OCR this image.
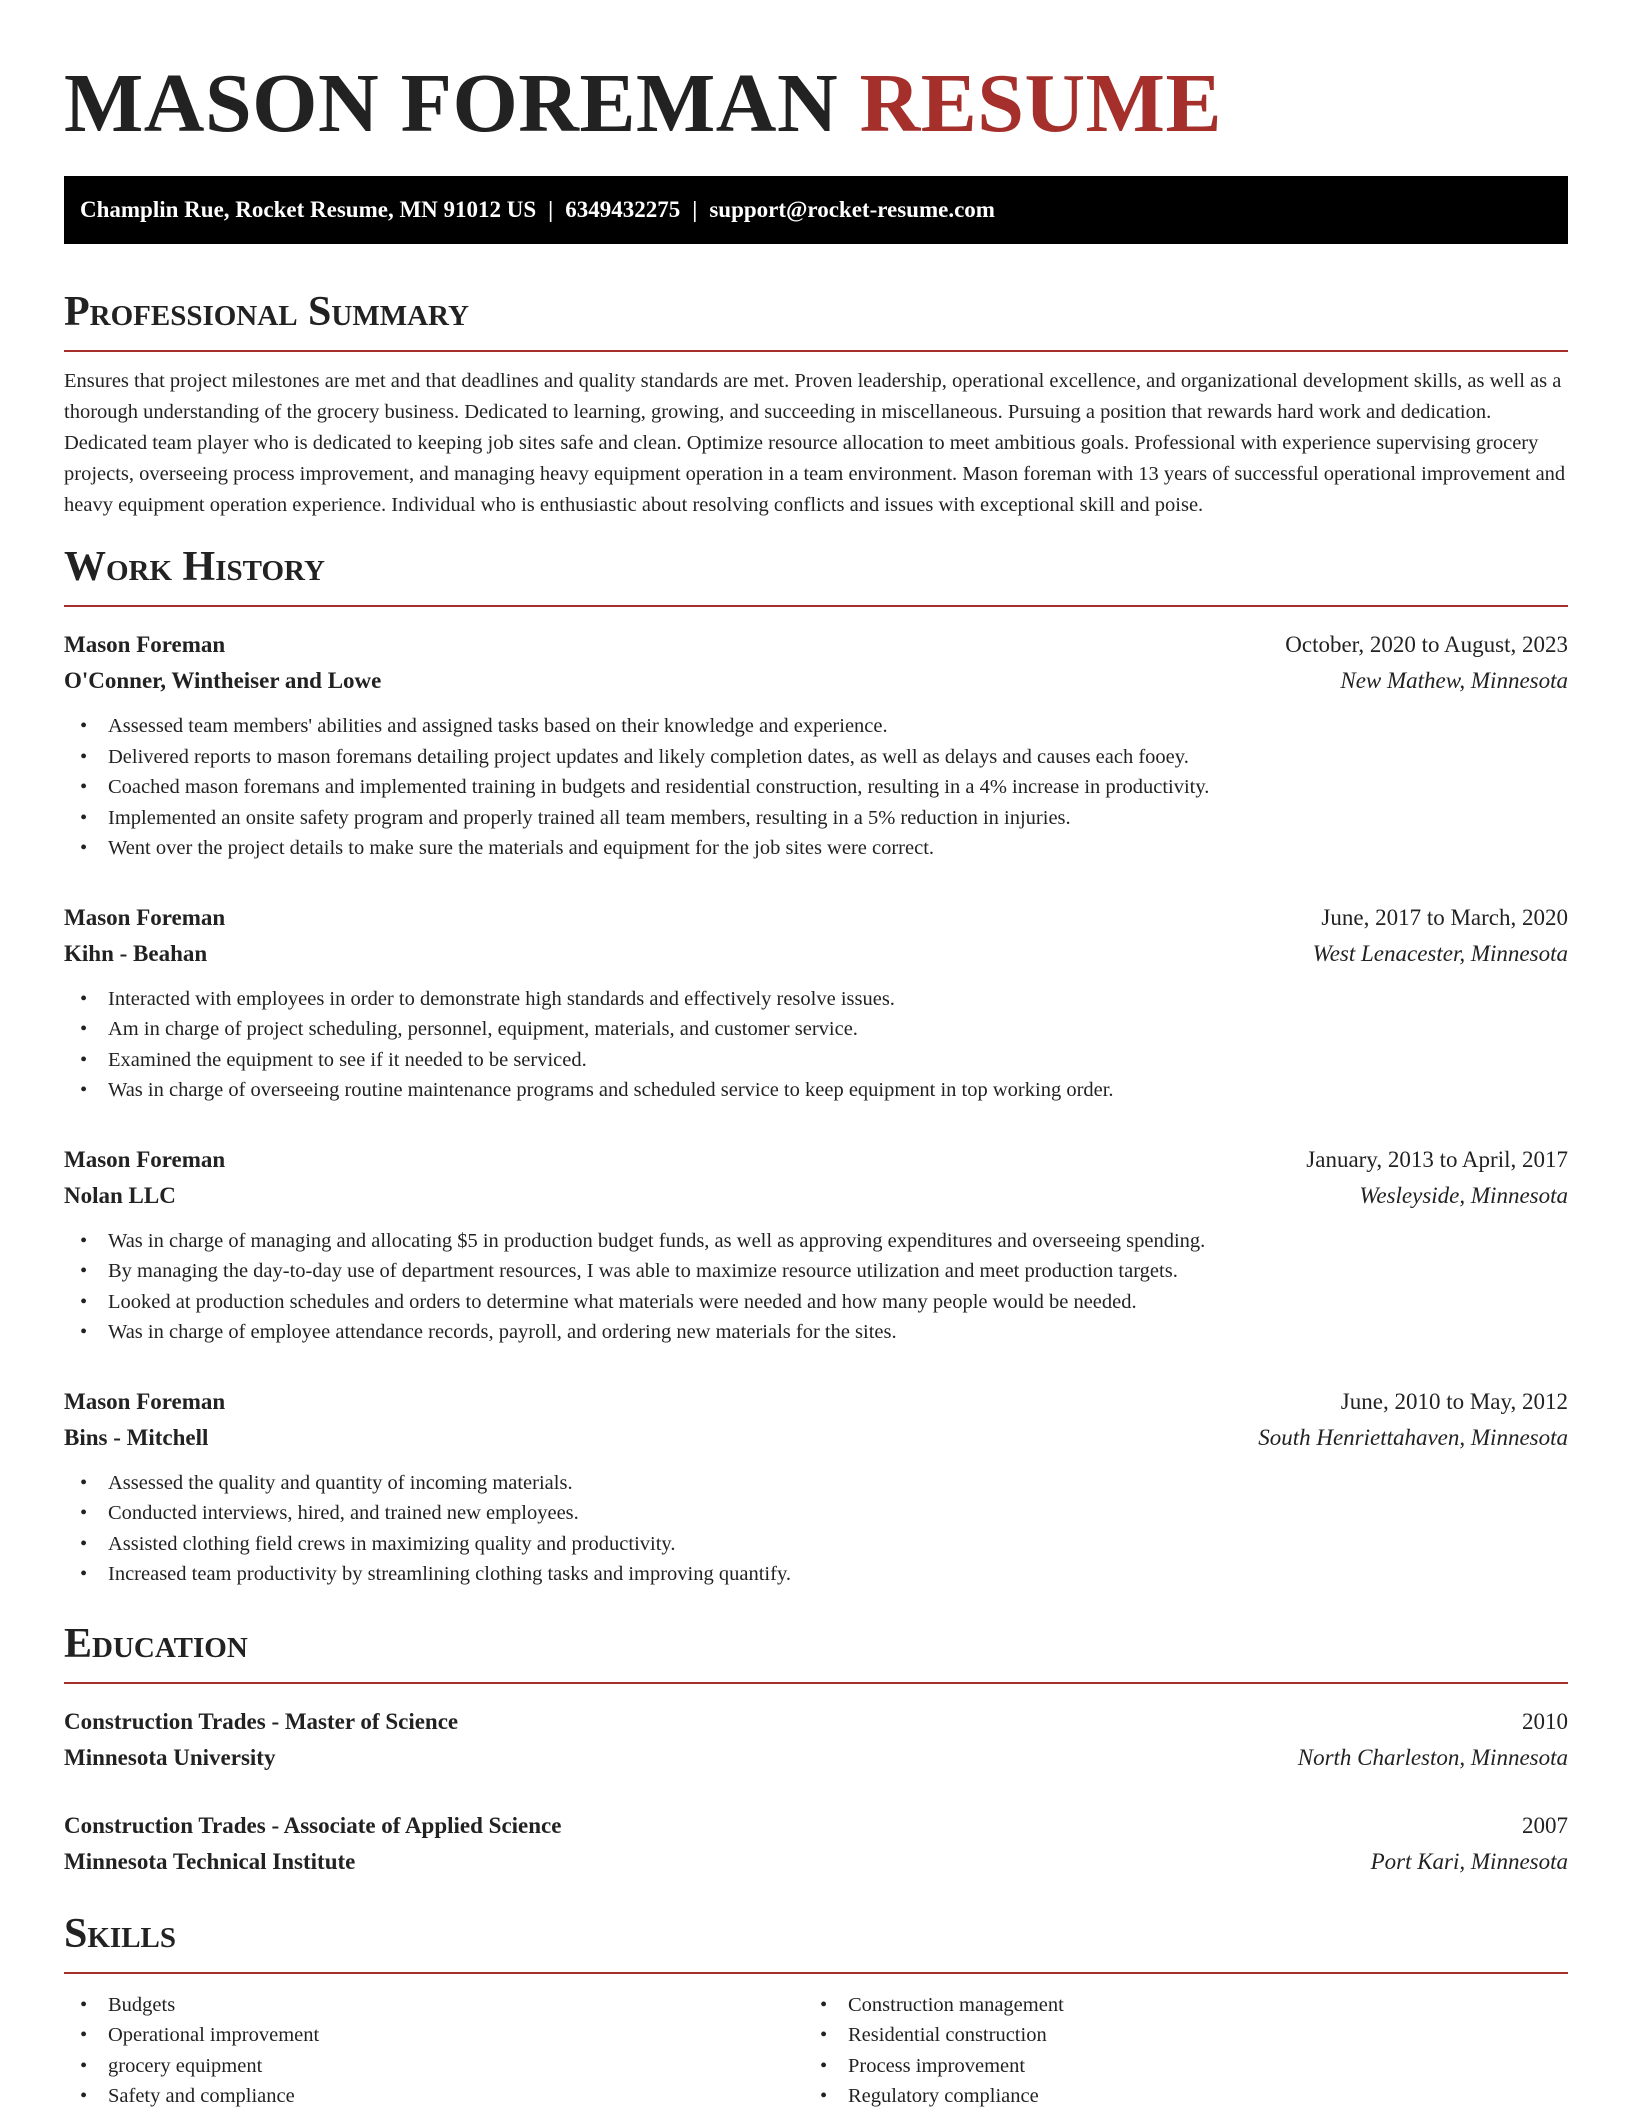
MASON FOREMAN RESUME
Champlin Rue, Rocket Resume, MN 91012 US | 6349432275 | support@rocket-resume.com
Professional Summary

Ensures that project milestones are met and that deadlines and quality standards are met. Proven leadership, operational excellence, and organizational development skills, as well as a thorough understanding of the grocery business. Dedicated to learning, growing, and succeeding in miscellaneous. Pursuing a position that rewards hard work and dedication. Dedicated team player who is dedicated to keeping job sites safe and clean. Optimize resource allocation to meet ambitious goals. Professional with experience supervising grocery projects, overseeing process improvement, and managing heavy equipment operation in a team environment. Mason foreman with 13 years of successful operational improvement and heavy equipment operation experience. Individual who is enthusiastic about resolving conflicts and issues with exceptional skill and poise.

Work History
Mason Foreman	October, 2020 to August, 2023
O'Conner, Wintheiser and Lowe	New Mathew, Minnesota
• Assessed team members' abilities and assigned tasks based on their knowledge and experience.
• Delivered reports to mason foremans detailing project updates and likely completion dates, as well as delays and causes each fooey.
• Coached mason foremans and implemented training in budgets and residential construction, resulting in a 4% increase in productivity.
• Implemented an onsite safety program and properly trained all team members, resulting in a 5% reduction in injuries.
• Went over the project details to make sure the materials and equipment for the job sites were correct.
Mason Foreman	June, 2017 to March, 2020
Kihn - Beahan	West Lenacester, Minnesota
• Interacted with employees in order to demonstrate high standards and effectively resolve issues.
• Am in charge of project scheduling, personnel, equipment, materials, and customer service.
• Examined the equipment to see if it needed to be serviced.
• Was in charge of overseeing routine maintenance programs and scheduled service to keep equipment in top working order.
Mason Foreman	January, 2013 to April, 2017
Nolan LLC	Wesleyside, Minnesota
• Was in charge of managing and allocating $5 in production budget funds, as well as approving expenditures and overseeing spending.
• By managing the day-to-day use of department resources, I was able to maximize resource utilization and meet production targets.
• Looked at production schedules and orders to determine what materials were needed and how many people would be needed.
• Was in charge of employee attendance records, payroll, and ordering new materials for the sites.
Mason Foreman	June, 2010 to May, 2012
Bins - Mitchell	South Henriettahaven, Minnesota
• Assessed the quality and quantity of incoming materials.
• Conducted interviews, hired, and trained new employees.
• Assisted clothing field crews in maximizing quality and productivity.
• Increased team productivity by streamlining clothing tasks and improving quantify.
Education
Construction Trades - Master of Science	2010
Minnesota University	North Charleston, Minnesota
Construction Trades - Associate of Applied Science	2007
Minnesota Technical Institute	Port Kari, Minnesota
Skills
• Budgets
• Operational improvement
• grocery equipment
• Safety and compliance
• Construction management
• Residential construction
• Process improvement
• Regulatory compliance
